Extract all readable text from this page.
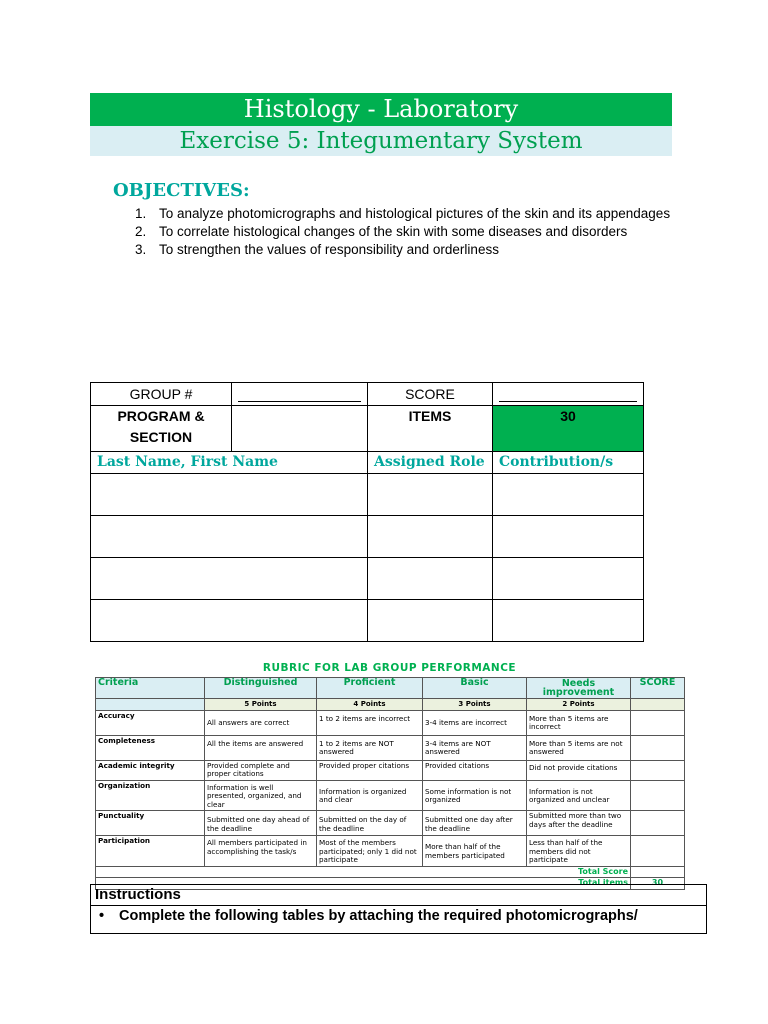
Histology - Laboratory
Exercise 5: Integumentary System
OBJECTIVES:
1. To analyze photomicrographs and histological pictures of the skin and its appendages
2. To correlate histological changes of the skin with some diseases and disorders
3. To strengthen the values of responsibility and orderliness
GROUP #		SCORE	

PROGRAM & SECTION		ITEMS	30
Last Name, First Name		Assigned Role	Contribution/s

RUBRIC FOR LAB GROUP PERFORMANCE
Criteria	Distinguished	Proficient	Basic	Needs improvement	SCORE
	5 Points	4 Points	3 Points	2 Points	
Accuracy	All answers are correct	1 to 2 items are incorrect	3-4 items are incorrect	More than 5 items are incorrect	
Completeness	All the items are answered	1 to 2 items are NOT answered	3-4 items are NOT answered	More than 5 items are not answered	
Academic integrity	Provided complete and proper citations	Provided proper citations	Provided citations	Did not provide citations	
Organization	Information is well presented, organized, and clear	Information is organized and clear	Some information is not organized	Information is not organized and unclear	
Punctuality	Submitted one day ahead of the deadline	Submitted on the day of the deadline	Submitted one day after the deadline	Submitted more than two days after the deadline	
Participation	All members participated in accomplishing the task/s	Most of the members participated; only 1 did not participate	More than half of the members participated	Less than half of the members did not participate	
Total Score					
Total items					30
Instructions
•	Complete the following tables by attaching the required photomicrographs/
